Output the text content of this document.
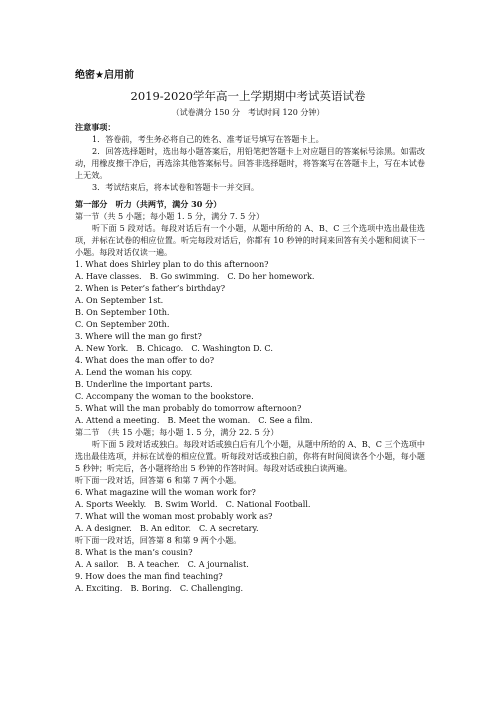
绝密★启用前
2019-2020学年高一上学期期中考试英语试卷
（试卷满分 150 分　考试时间 120 分钟）
注意事项：
1．答卷前，考生务必将自己的姓名、准考证号填写在答题卡上。
2．回答选择题时，选出每小题答案后，用铅笔把答题卡上对应题目的答案标号涂黑。如需改动，用橡皮擦干净后，再选涂其他答案标号。回答非选择题时，将答案写在答题卡上，写在本试卷上无效。
3．考试结束后，将本试卷和答题卡一并交回。
第一部分　听力（共两节，满分 30 分）
第一节（共 5 小题；每小题 1. 5 分，满分 7. 5 分）
听下面 5 段对话。每段对话后有一个小题，从题中所给的 A、B、C 三个选项中选出最佳选项，并标在试卷的相应位置。听完每段对话后，你都有 10 秒钟的时间来回答有关小题和阅读下一小题。每段对话仅读一遍。
1. What does Shirley plan to do this afternoon?
A. Have classes.　B. Go swimming.　C. Do her homework.
2. When is Peter’s father’s birthday?
A. On September 1st.
B. On September 10th.
C. On September 20th.
3. Where will the man go first?
A. New York.　B. Chicago.　C. Washington D. C.
4. What does the man offer to do?
A. Lend the woman his copy.
B. Underline the important parts.
C. Accompany the woman to the bookstore.
5. What will the man probably do tomorrow afternoon?
A. Attend a meeting.　B. Meet the woman.　C. See a film.
第二节　（共 15 小题；每小题 1. 5 分，满分 22. 5 分）
听下面 5 段对话或独白。每段对话或独白后有几个小题，从题中所给的 A、B、C 三个选项中选出最佳选项，并标在试卷的相应位置。听每段对话或独白前，你将有时间阅读各个小题，每小题 5 秒钟；听完后，各小题将给出 5 秒钟的作答时间。每段对话或独白读两遍。
听下面一段对话，回答第 6 和第 7 两个小题。
6. What magazine will the woman work for?
A. Sports Weekly.　B. Swim World.　C. National Football.
7. What will the woman most probably work as?
A. A designer.　B. An editor.　C. A secretary.
听下面一段对话，回答第 8 和第 9 两个小题。
8. What is the man’s cousin?
A. A sailor.　B. A teacher.　C. A journalist.
9. How does the man find teaching?
A. Exciting.　B. Boring.　C. Challenging.
